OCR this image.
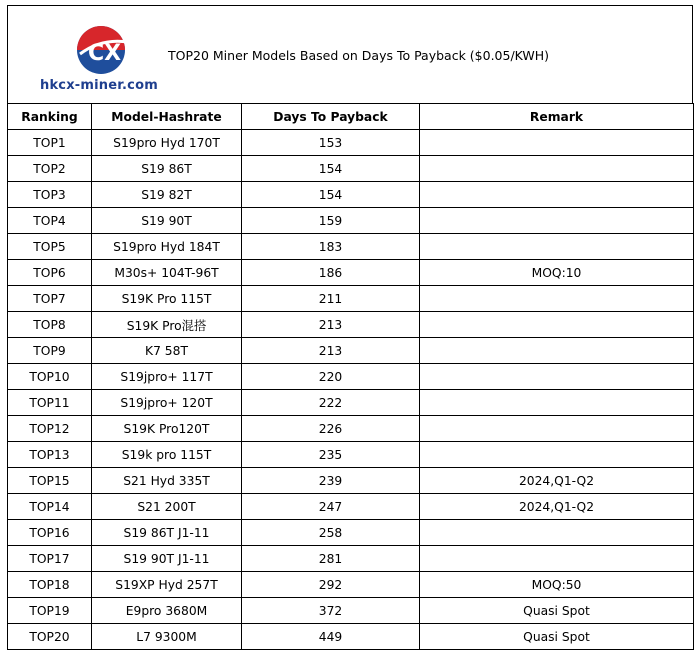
CX
hkcx-miner.com
TOP20 Miner Models Based on Days To Payback ($0.05/KWH)
Ranking	Model-Hashrate	Days To Payback	Remark
TOP1	S19pro Hyd 170T	153	
TOP2	S19 86T	154	
TOP3	S19 82T	154	
TOP4	S19 90T	159	
TOP5	S19pro Hyd 184T	183	
TOP6	M30s+ 104T-96T	186	MOQ:10
TOP7	S19K Pro 115T	211	
TOP8	S19K Pro混搭	213	
TOP9	K7 58T	213	
TOP10	S19jpro+ 117T	220	
TOP11	S19jpro+ 120T	222	
TOP12	S19K Pro120T	226	
TOP13	S19k pro 115T	235	
TOP15	S21 Hyd 335T	239	2024,Q1-Q2
TOP14	S21 200T	247	2024,Q1-Q2
TOP16	S19 86T J1-11	258	
TOP17	S19 90T J1-11	281	
TOP18	S19XP Hyd 257T	292	MOQ:50
TOP19	E9pro 3680M	372	Quasi Spot
TOP20	L7 9300M	449	Quasi Spot
